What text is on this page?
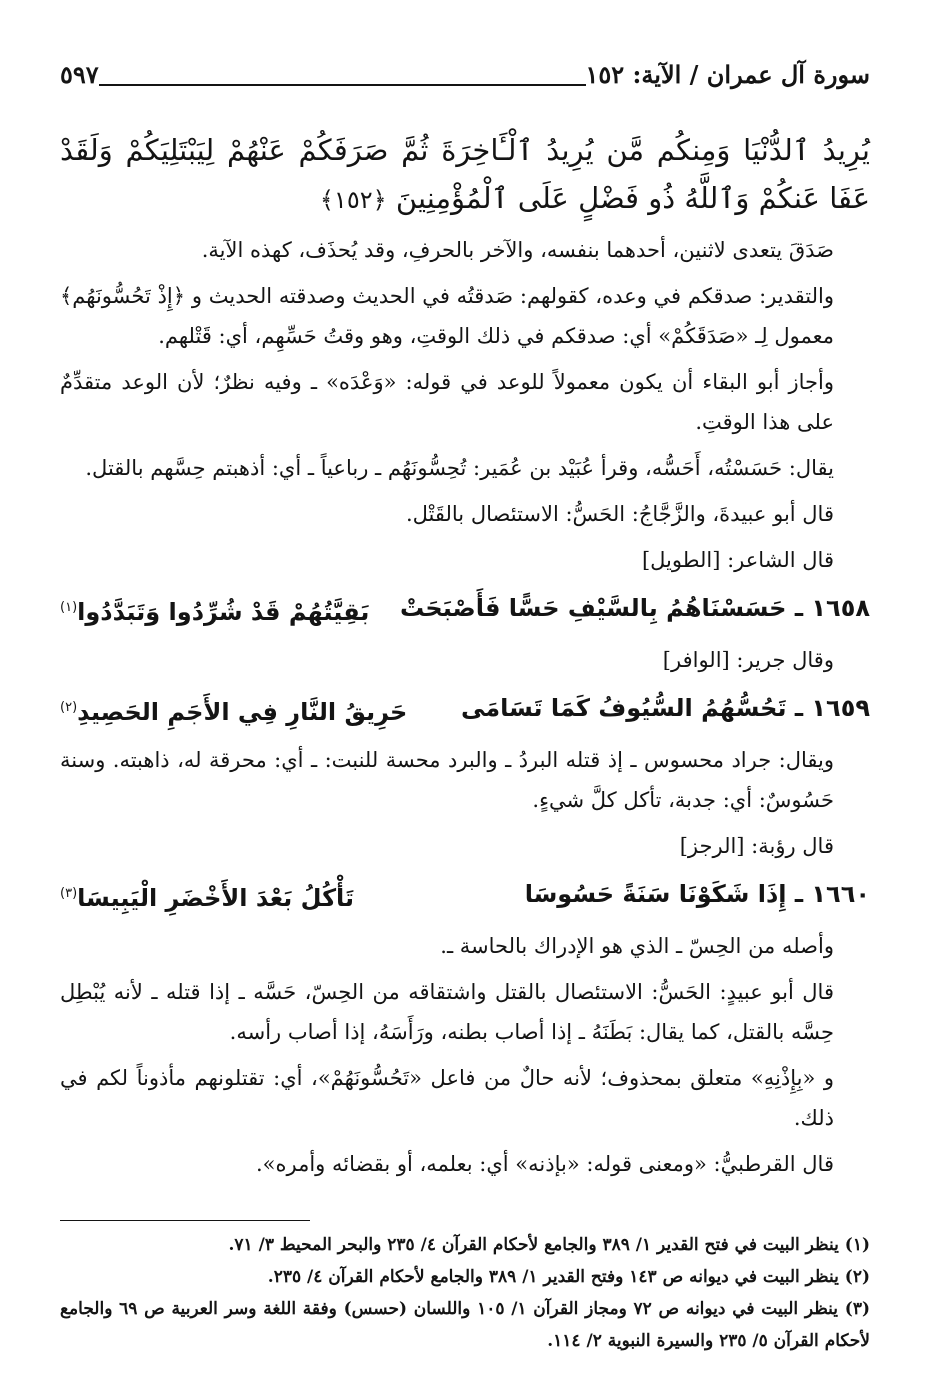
سورة آل عمران / الآية: ١٥٢
٥٩٧
يُرِيدُ ٱلدُّنْيَا وَمِنكُم مَّن يُرِيدُ ٱلْـَٔاخِرَةَ ثُمَّ صَرَفَكُمْ عَنْهُمْ لِيَبْتَلِيَكُمْ وَلَقَدْ عَفَا عَنكُمْ وَٱللَّهُ ذُو فَضْلٍ عَلَى ٱلْمُؤْمِنِينَ ﴿١٥٢﴾

صَدَقَ يتعدى لاثنين، أحدهما بنفسه، والآخر بالحرفِ، وقد يُحذَف، كهذه الآية.

والتقدير: صدقكم في وعده، كقولهم: صَدقتُه في الحديث وصدقته الحديث و ﴿إِذْ تَحُسُّونَهُم﴾ معمول لِـ «صَدَقَكُمْ» أي: صدقكم في ذلك الوقتِ، وهو وقتُ حَسِّهِم، أي: قَتْلهم.

وأجاز أبو البقاء أن يكون معمولاً للوعد في قوله: «وَعْدَه» ـ وفيه نظرٌ؛ لأن الوعد متقدِّمٌ على هذا الوقتِ.

يقال: حَسَسْتُه، أَحَسُّه، وقرأ عُبَيْد بن عُمَير: تُحِسُّونَهُم ـ رباعياً ـ أي: أذهبتم حِسَّهم بالقتل.

قال أبو عبيدةَ، والزَّجَّاجُ: الحَسُّ: الاستئصال بالقَتْل.

قال الشاعر: [الطويل]

١٦٥٨ ـ حَسَسْنَاهُمُ بِالسَّيْفِ حَسًّا فَأَصْبَحَتْ
بَقِيَّتُهُمْ قَدْ شُرِّدُوا وَتَبَدَّدُوا$^{(١)}$

وقال جرير: [الوافر]

١٦٥٩ ـ تَحُسُّهُمُ السُّيُوفُ كَمَا تَسَامَى
حَرِيقُ النَّارِ فِي الأَجَمِ الحَصِيدِ$^{(٢)}$

ويقال: جراد محسوس ـ إذ قتله البردُ ـ والبرد محسة للنبت: ـ أي: محرقة له، ذاهبته. وسنة حَسُوسٌ: أي: جدبة، تأكل كلَّ شيءٍ.

قال رؤبة: [الرجز]

١٦٦٠ ـ إِذَا شَكَوْنَا سَنَةً حَسُوسَا
تَأْكُلُ بَعْدَ الأَخْضَرِ الْيَبِيسَا$^{(٣)}$

وأصله من الحِسّ ـ الذي هو الإدراك بالحاسة ـ.

قال أبو عبيدٍ: الحَسُّ: الاستئصال بالقتل واشتقاقه من الحِسّ، حَسَّه ـ إذا قتله ـ لأنه يُبْطِل حِسَّه بالقتل، كما يقال: بَطَنَهُ ـ إذا أصاب بطنه، ورَأَسَهُ، إذا أصاب رأسه.

و «بِإِذْنِهِ» متعلق بمحذوف؛ لأنه حالٌ من فاعل «تَحُسُّونَهُمْ»، أي: تقتلونهم مأذوناً لكم في ذلك.

قال القرطبيُّ: «ومعنى قوله: «بإذنه» أي: بعلمه، أو بقضائه وأمره».

(١) ينظر البيت في فتح القدير ١/ ٣٨٩ والجامع لأحكام القرآن ٤/ ٢٣٥ والبحر المحيط ٣/ ٧١.
(٢) ينظر البيت في ديوانه ص ١٤٣ وفتح القدير ١/ ٣٨٩ والجامع لأحكام القرآن ٤/ ٢٣٥.
(٣) ينظر البيت في ديوانه ص ٧٢ ومجاز القرآن ١/ ١٠٥ واللسان (حسس) وفقة اللغة وسر العربية ص ٦٩ والجامع لأحكام القرآن ٥/ ٢٣٥ والسيرة النبوية ٢/ ١١٤.
